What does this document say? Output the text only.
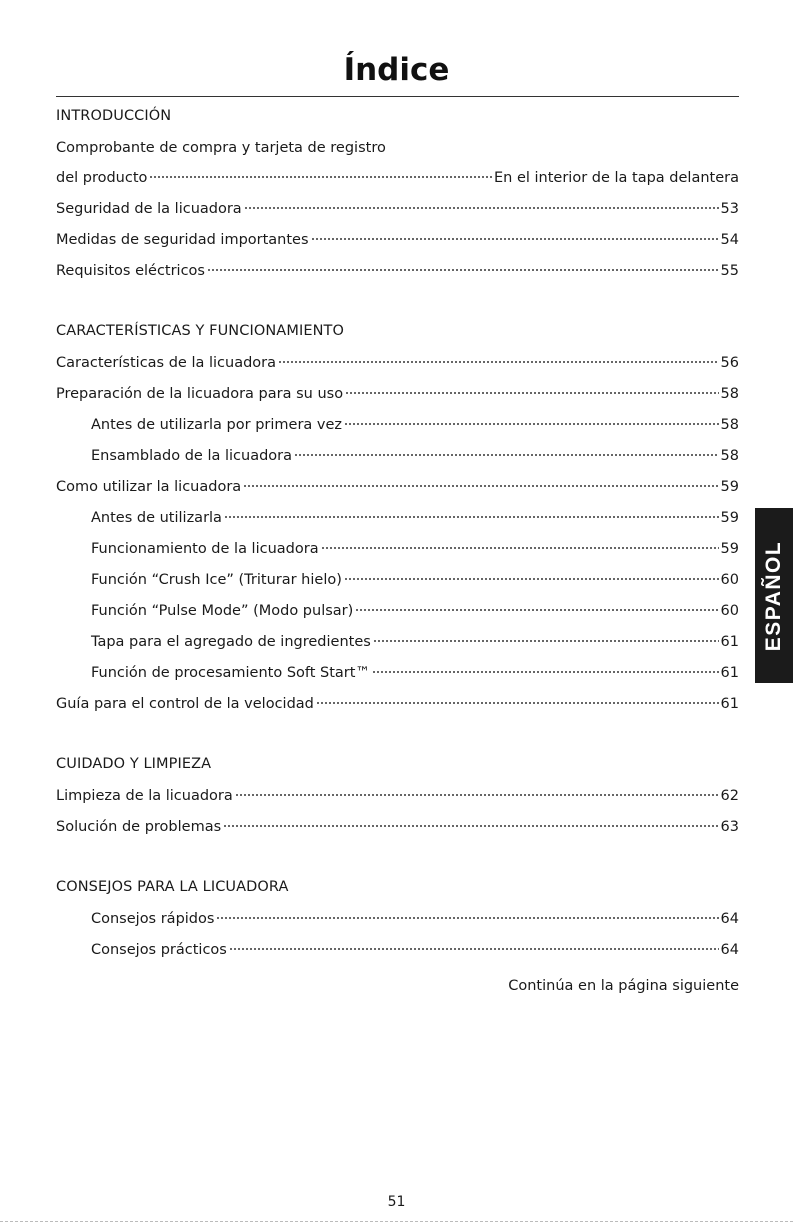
Índice
INTRODUCCIÓN
Comprobante de compra y tarjeta de registro
del producto	En el interior de la tapa delantera
Seguridad de la licuadora	53
Medidas de seguridad importantes	54
Requisitos eléctricos	55
CARACTERÍSTICAS Y FUNCIONAMIENTO
Características de la licuadora	56
Preparación de la licuadora para su uso	58
Antes de utilizarla por primera vez	58
Ensamblado de la licuadora	58
Como utilizar la licuadora	59
Antes de utilizarla	59
Funcionamiento de la licuadora	59
Función “Crush Ice” (Triturar hielo)	60
Función “Pulse Mode” (Modo pulsar)	60
Tapa para el agregado de ingredientes	61
Función de procesamiento Soft Start™	61
Guía para el control de la velocidad	61
CUIDADO Y LIMPIEZA
Limpieza de la licuadora	62
Solución de problemas	63
CONSEJOS PARA LA LICUADORA
Consejos rápidos	64
Consejos prácticos	64
Continúa en la página siguiente
ESPAÑOL
51
